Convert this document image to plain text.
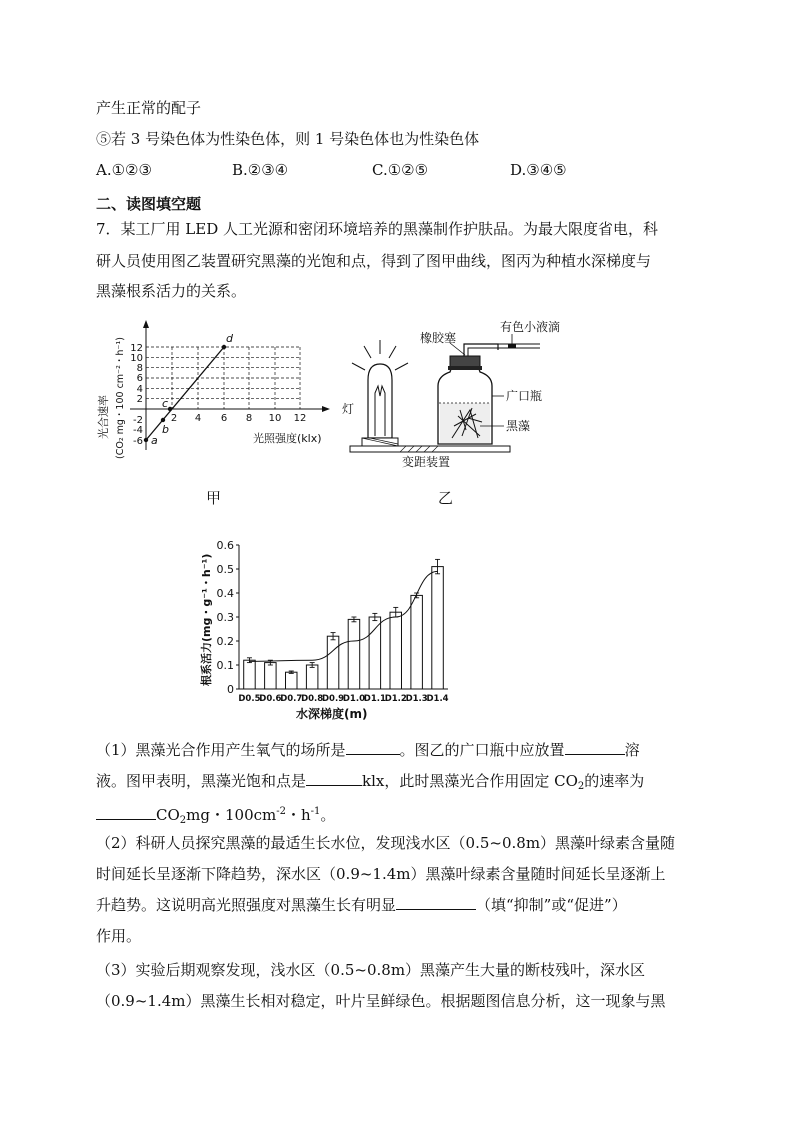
产生正常的配子
⑤若 3 号染色体为性染色体，则 1 号染色体也为性染色体
A.①②③	B.②③④	C.①②⑤	D.③④⑤
二、读图填空题
7．某工厂用 LED 人工光源和密闭环境培养的黑藻制作护肤品。为最大限度省电，科
研人员使用图乙装置研究黑藻的光饱和点，得到了图甲曲线，图丙为种植水深梯度与
黑藻根系活力的关系。
12
10
8
6
4
2
-2
-4
-6
2 4 6 8 10 12
a
b
c
d
光照强度(klx)
光合速率 (CO₂ mg・100 cm⁻²・h⁻¹)
甲
灯
变距装置
有色小液滴
橡胶塞
广口瓶
黑藻
乙
0
0.1
0.2
0.3
0.4
0.5
0.6
D0.5
D0.6
D0.7
D0.8
D0.9
D1.0
D1.1
D1.2
D1.3
D1.4
水深梯度(m)
根系活力(mg・g⁻¹・h⁻¹)
（1）黑藻光合作用产生氧气的场所是	。图乙的广口瓶中应放置	溶
液。图甲表明，黑藻光饱和点是	klx，此时黑藻光合作用固定 $CO_2$的速率为
$CO_2mg$・$100cm^{-2}$・$h^{-1}$。
（2）科研人员探究黑藻的最适生长水位，发现浅水区（0.5~0.8m）黑藻叶绿素含量随
时间延长呈逐渐下降趋势，深水区（0.9~1.4m）黑藻叶绿素含量随时间延长呈逐渐上
升趋势。这说明高光照强度对黑藻生长有明显	（填“抑制”或“促进”）
作用。
（3）实验后期观察发现，浅水区（0.5~0.8m）黑藻产生大量的断枝残叶，深水区
（0.9~1.4m）黑藻生长相对稳定，叶片呈鲜绿色。根据题图信息分析，这一现象与黑
